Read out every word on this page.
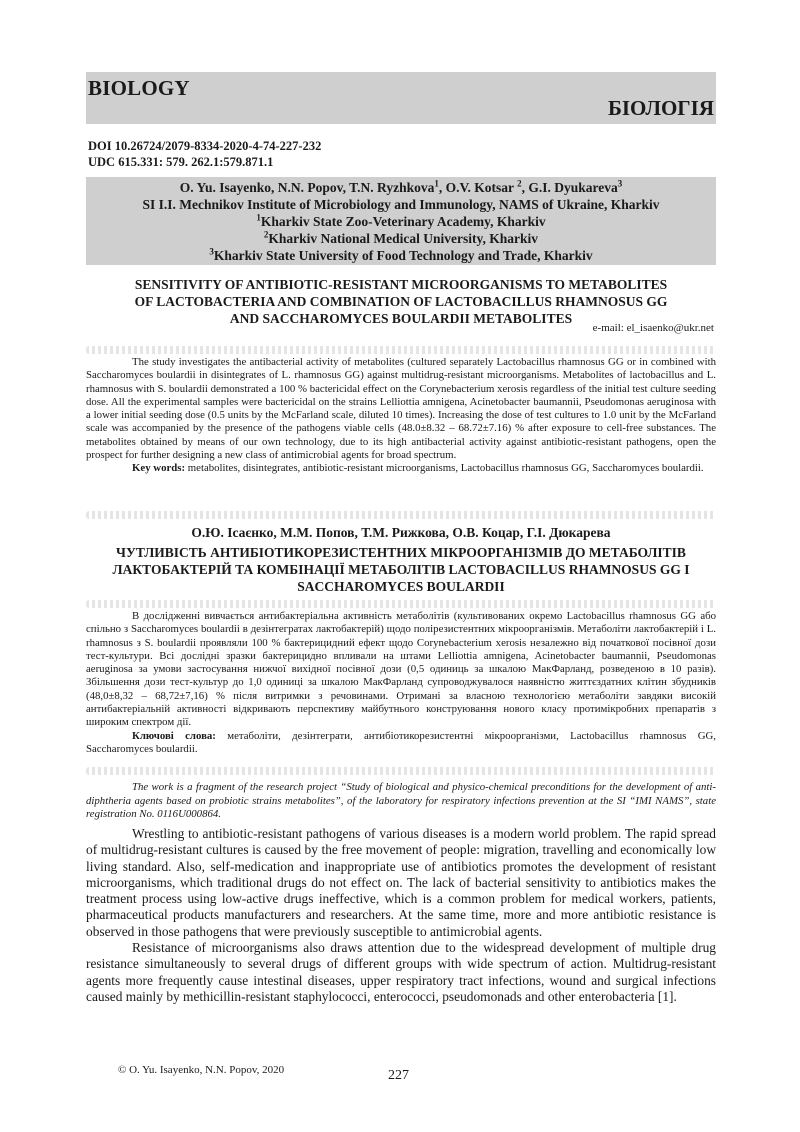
BIOLOGY
БІОЛОГІЯ
DOI 10.26724/2079-8334-2020-4-74-227-232
UDC 615.331: 579. 262.1:579.871.1
O. Yu. Isayenko, N.N. Popov, T.N. Ryzhkova$^1$, O.V. Kotsar $^2$, G.I. Dyukareva$^3$
SI I.I. Mechnikov Institute of Microbiology and Immunology, NAMS of Ukraine, Kharkiv
$^1$Kharkiv State Zoo-Veterinary Academy, Kharkiv
$^2$Kharkiv National Medical University, Kharkiv
$^3$Kharkiv State University of Food Technology and Trade, Kharkiv
SENSITIVITY OF ANTIBIOTIC-RESISTANT MICROORGANISMS TO METABOLITES
OF LACTOBACTERIA AND COMBINATION OF LACTOBACILLUS RHAMNOSUS GG
AND SACCHAROMYCES BOULARDII METABOLITES
e-mail: el_isaenko@ukr.net

The study investigates the antibacterial activity of metabolites (cultured separately Lactobacillus rhamnosus GG or in combined with Saccharomyces boulardii in disintegrates of L. rhamnosus GG) against multidrug-resistant microorganisms. Metabolites of lactobacillus and L. rhamnosus with S. boulardii demonstrated a 100 % bactericidal effect on the Corynebacterium xerosis regardless of the initial test culture seeding dose. All the experimental samples were bactericidal on the strains Lelliottia amnigena, Acinetobacter baumannii, Pseudomonas aeruginosa with a lower initial seeding dose (0.5 units by the McFarland scale, diluted 10 times). Increasing the dose of test cultures to 1.0 unit by the McFarland scale was accompanied by the presence of the pathogens viable cells (48.0±8.32 – 68.72±7.16) % after exposure to cell-free substances. The metabolites obtained by means of our own technology, due to its high antibacterial activity against antibiotic-resistant pathogens, open the prospect for further designing a new class of antimicrobial agents for broad spectrum.

Key words: metabolites, disintegrates, antibiotic-resistant microorganisms, Lactobacillus rhamnosus GG, Saccharomyces boulardii.

О.Ю. Ісаєнко, М.М. Попов, Т.М. Рижкова, О.В. Коцар, Г.І. Дюкарева
ЧУТЛИВІСТЬ АНТИБІОТИКОРЕЗИСТЕНТНИХ МІКРООРГАНІЗМІВ ДО МЕТАБОЛІТІВ
ЛАКТОБАКТЕРІЙ ТА КОМБІНАЦІЇ МЕТАБОЛІТІВ LACTOBACILLUS RHAMNOSUS GG І
SACCHAROMYCES BOULARDII

В дослідженні вивчається антибактеріальна активність метаболітів (культивованих окремо Lactobacillus rhamnosus GG або спільно з Saccharomyces boulardii в дезінтегратах лактобактерій) щодо полірезистентних мікроорганізмів. Метаболіти лактобактерій і L. rhamnosus з S. boulardii проявляли 100 % бактерицидний ефект щодо Corynebacterium xerosis незалежно від початкової посівної дози тест-культури. Всі дослідні зразки бактерицидно впливали на штами Lelliottia amnigena, Acinetobacter baumannii, Pseudomonas aeruginosa за умови застосування нижчої вихідної посівної дози (0,5 одиниць за шкалою МакФарланд, розведеною в 10 разів). Збільшення дози тест-культур до 1,0 одиниці за шкалою МакФарланд супроводжувалося наявністю життєздатних клітин збудників (48,0±8,32 – 68,72±7,16) % після витримки з речовинами. Отримані за власною технологією метаболіти завдяки високій антибактеріальній активності відкривають перспективу майбутнього конструювання нового класу протимікробних препаратів з широким спектром дії.

Ключові слова: метаболіти, дезінтеграти, антибіотикорезистентні мікроорганізми, Lactobacillus rhamnosus GG, Saccharomyces boulardii.

The work is a fragment of the research project “Study of biological and physico-chemical preconditions for the development of anti-diphtheria agents based on probiotic strains metabolites”, of the laboratory for respiratory infections prevention at the SI “IMI NAMS”, state registration No. 0116U000864.

Wrestling to antibiotic-resistant pathogens of various diseases is a modern world problem. The rapid spread of multidrug-resistant cultures is caused by the free movement of people: migration, travelling and economically low living standard. Also, self-medication and inappropriate use of antibiotics promotes the development of resistant microorganisms, which traditional drugs do not effect on. The lack of bacterial sensitivity to antibiotics makes the treatment process using low-active drugs ineffective, which is a common problem for medical workers, patients, pharmaceutical products manufacturers and researchers. At the same time, more and more antibiotic resistance is observed in those pathogens that were previously susceptible to antimicrobial agents.

Resistance of microorganisms also draws attention due to the widespread development of multiple drug resistance simultaneously to several drugs of different groups with wide spectrum of action. Multidrug-resistant agents more frequently cause intestinal diseases, upper respiratory tract infections, wound and surgical infections caused mainly by methicillin-resistant staphylococci, enterococci, pseudomonads and other enterobacteria [1].

© O. Yu. Isayenko, N.N. Popov, 2020	227
